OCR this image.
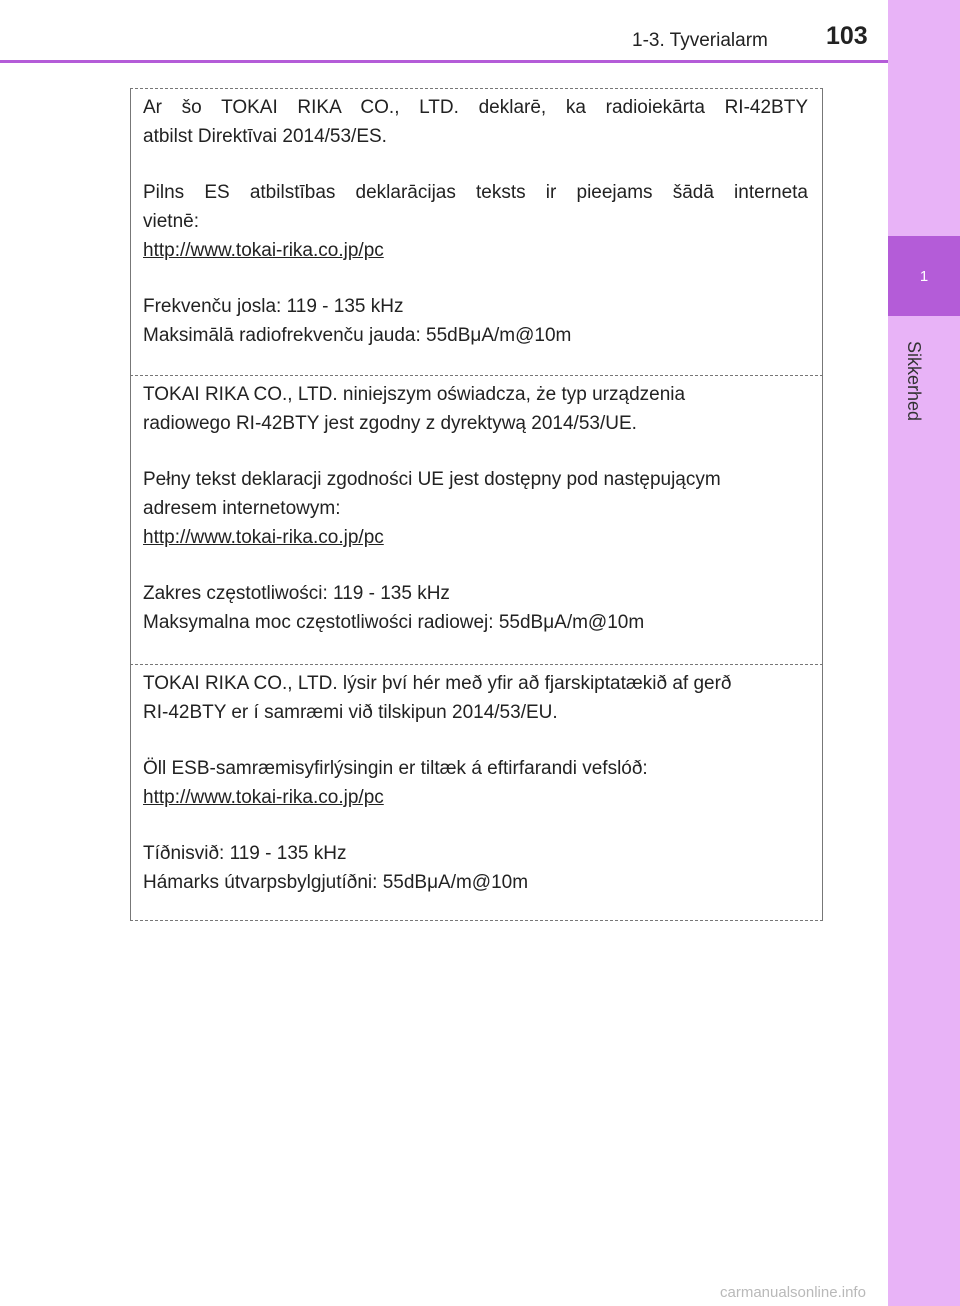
1
Sikkerhed
1-3. Tyverialarm 103
Ar šo TOKAI RIKA CO., LTD. deklarē, ka radioiekārta RI-42BTY
atbilst Direktīvai 2014/53/ES.
Pilns ES atbilstības deklarācijas teksts ir pieejams šādā interneta
vietnē:
http://www.tokai-rika.co.jp/pc
Frekvenču josla: 119 - 135 kHz
Maksimālā radiofrekvenču jauda: 55dBμA/m@10m
TOKAI RIKA CO., LTD. niniejszym oświadcza, że typ urządzenia
radiowego RI-42BTY jest zgodny z dyrektywą 2014/53/UE.
Pełny tekst deklaracji zgodności UE jest dostępny pod następującym
adresem internetowym:
http://www.tokai-rika.co.jp/pc
Zakres częstotliwości: 119 - 135 kHz
Maksymalna moc częstotliwości radiowej: 55dBμA/m@10m
TOKAI RIKA CO., LTD. lýsir því hér með yfir að fjarskiptatækið af gerð
RI-42BTY er í samræmi við tilskipun 2014/53/EU.
Öll ESB-samræmisyfirlýsingin er tiltæk á eftirfarandi vefslóð:
http://www.tokai-rika.co.jp/pc
Tíðnisvið: 119 - 135 kHz
Hámarks útvarpsbylgjutíðni: 55dBμA/m@10m
carmanualsonline.info
